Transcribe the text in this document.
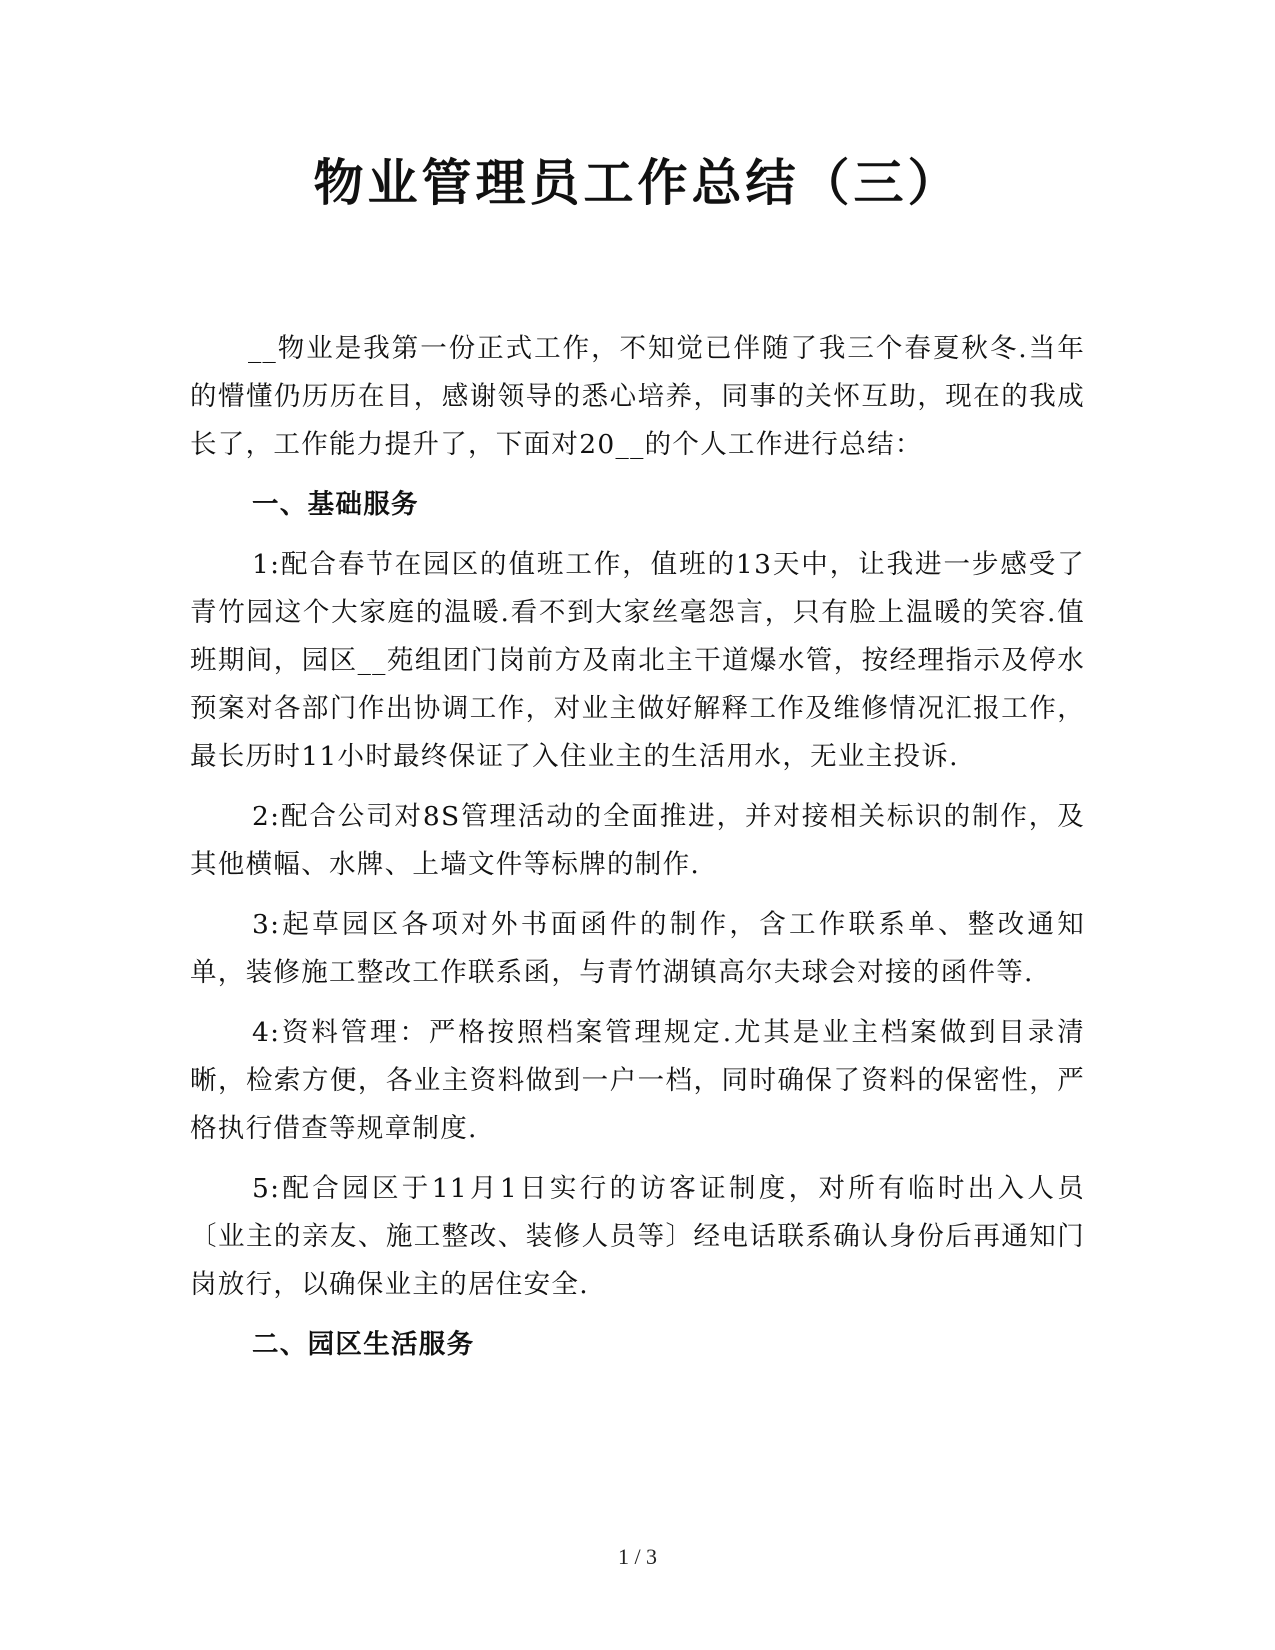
物业管理员工作总结（三）

__物业是我第一份正式工作，不知觉已伴随了我三个春夏秋冬.当年的懵懂仍历历在目，感谢领导的悉心培养，同事的关怀互助，现在的我成长了，工作能力提升了，下面对20__的个人工作进行总结：

一、基础服务

1:配合春节在园区的值班工作，值班的13天中，让我进一步感受了青竹园这个大家庭的温暖.看不到大家丝毫怨言，只有脸上温暖的笑容.值班期间，园区__苑组团门岗前方及南北主干道爆水管，按经理指示及停水预案对各部门作出协调工作，对业主做好解释工作及维修情况汇报工作，最长历时11小时最终保证了入住业主的生活用水，无业主投诉.

2:配合公司对8S管理活动的全面推进，并对接相关标识的制作，及其他横幅、水牌、上墙文件等标牌的制作.

3:起草园区各项对外书面函件的制作，含工作联系单、整改通知单，装修施工整改工作联系函，与青竹湖镇高尔夫球会对接的函件等.

4:资料管理：严格按照档案管理规定.尤其是业主档案做到目录清晰，检索方便，各业主资料做到一户一档，同时确保了资料的保密性，严格执行借查等规章制度.

5:配合园区于11月1日实行的访客证制度，对所有临时出入人员〔业主的亲友、施工整改、装修人员等〕经电话联系确认身份后再通知门岗放行，以确保业主的居住安全.

二、园区生活服务
1 / 3
